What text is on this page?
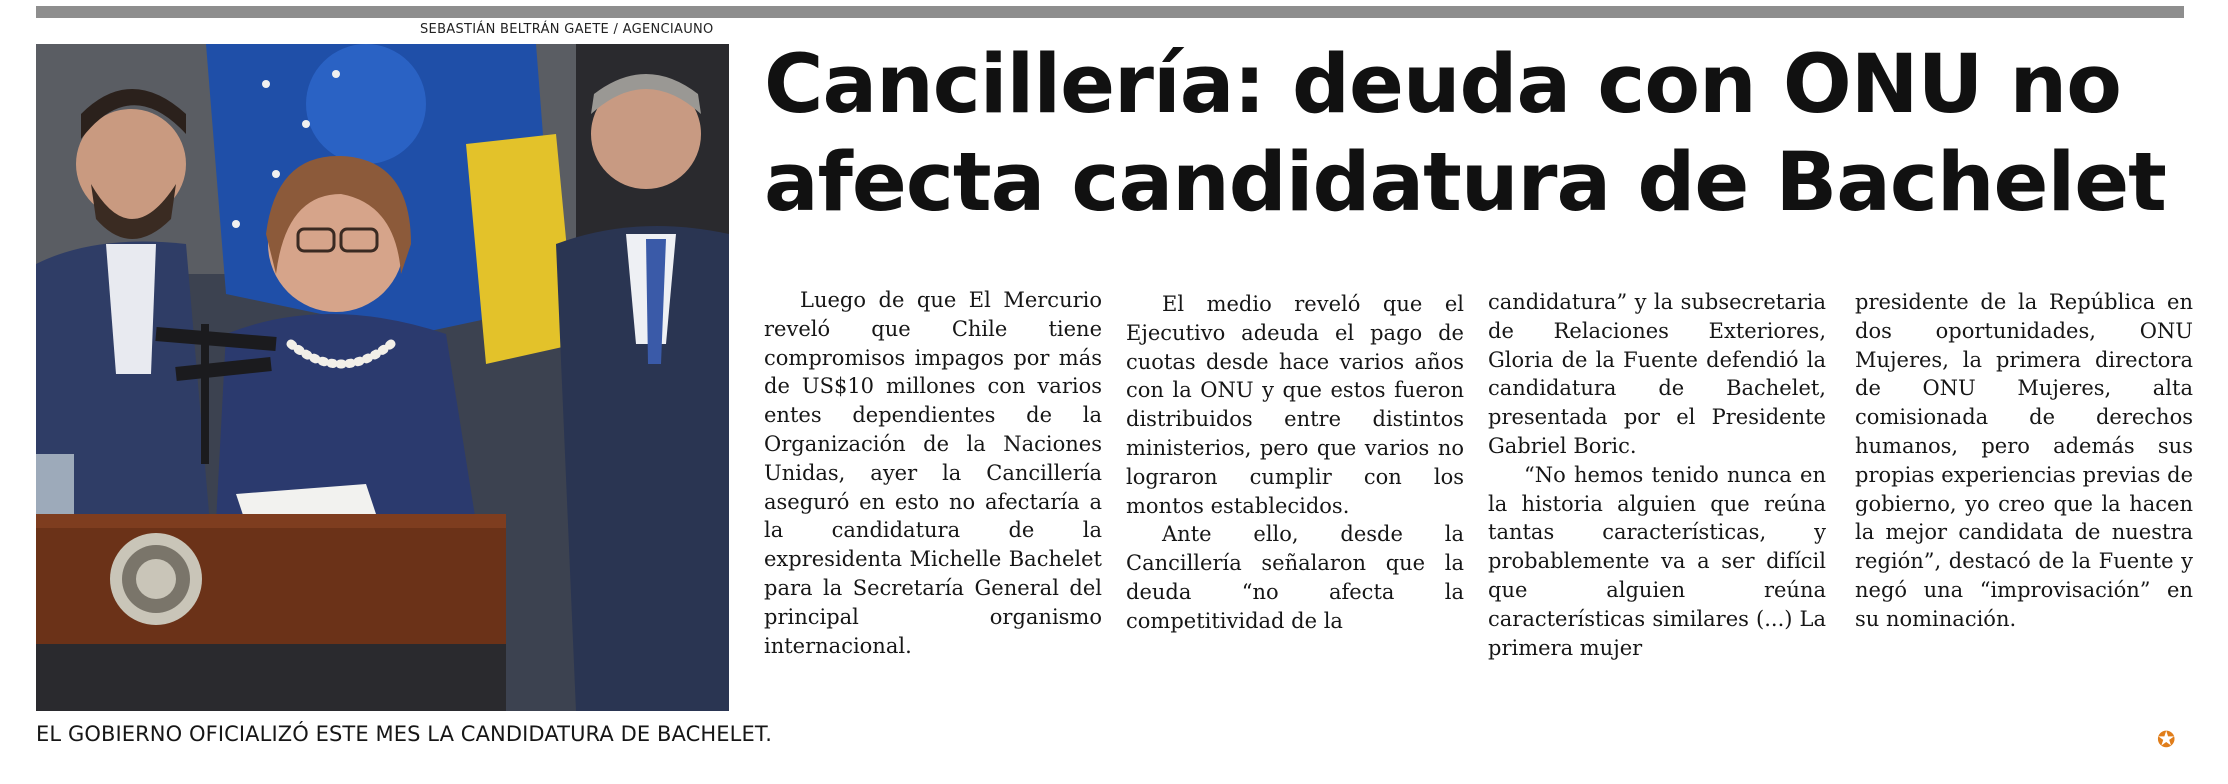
SEBASTIÁN BELTRÁN GAETE / AGENCIAUNO
EL GOBIERNO OFICIALIZÓ ESTE MES LA CANDIDATURA DE BACHELET.
Cancillería: deuda con ONU no afecta candidatura de Bachelet

Luego de que El Mercurio reveló que Chile tiene compromisos impagos por más de US$10 millones con varios entes dependientes de la Organización de la Naciones Unidas, ayer la Cancillería aseguró en esto no afectaría a la candidatura de la expresidenta Michelle Bachelet para la Secretaría General del principal organismo internacional.

El medio reveló que el Ejecutivo adeuda el pago de cuotas desde hace varios años con la ONU y que estos fueron distribuidos entre distintos ministerios, pero que varios no lograron cumplir con los montos establecidos.

Ante ello, desde la Cancillería señalaron que la deuda “no afecta la competitividad de la

candidatura” y la subsecretaria de Relaciones Exteriores, Gloria de la Fuente defendió la candidatura de Bachelet, presentada por el Presidente Gabriel Boric.

“No hemos tenido nunca en la historia alguien que reúna tantas características, y probablemente va a ser difícil que alguien reúna características similares (...) La primera mujer

presidente de la República en dos oportunidades, ONU Mujeres, la primera directora de ONU Mujeres, alta comisionada de derechos humanos, pero además sus propias experiencias previas de gobierno, yo creo que la hacen la mejor candidata de nuestra región”, destacó de la Fuente y negó una “improvisación” en su nominación.

✪
